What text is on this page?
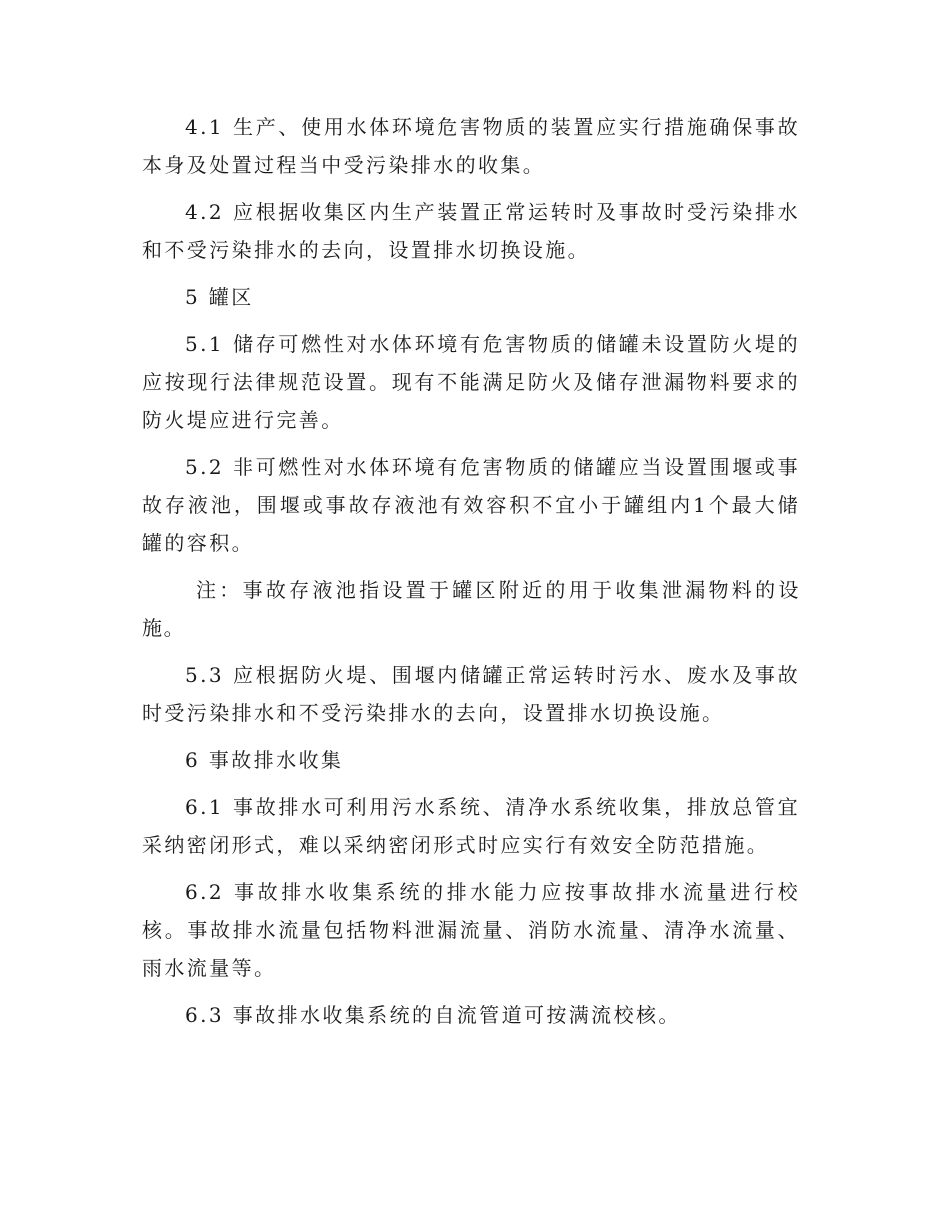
4.1 生产、使用水体环境危害物质的装置应实行措施确保事故本身及处置过程当中受污染排水的收集。

4.2 应根据收集区内生产装置正常运转时及事故时受污染排水和不受污染排水的去向，设置排水切换设施。

5 罐区

5.1 储存可燃性对水体环境有危害物质的储罐未设置防火堤的应按现行法律规范设置。现有不能满足防火及储存泄漏物料要求的防火堤应进行完善。

5.2 非可燃性对水体环境有危害物质的储罐应当设置围堰或事故存液池，围堰或事故存液池有效容积不宜小于罐组内1个最大储罐的容积。

注：事故存液池指设置于罐区附近的用于收集泄漏物料的设施。

5.3 应根据防火堤、围堰内储罐正常运转时污水、废水及事故时受污染排水和不受污染排水的去向，设置排水切换设施。

6 事故排水收集

6.1 事故排水可利用污水系统、清净水系统收集，排放总管宜采纳密闭形式，难以采纳密闭形式时应实行有效安全防范措施。

6.2 事故排水收集系统的排水能力应按事故排水流量进行校核。事故排水流量包括物料泄漏流量、消防水流量、清净水流量、雨水流量等。

6.3 事故排水收集系统的自流管道可按满流校核。
